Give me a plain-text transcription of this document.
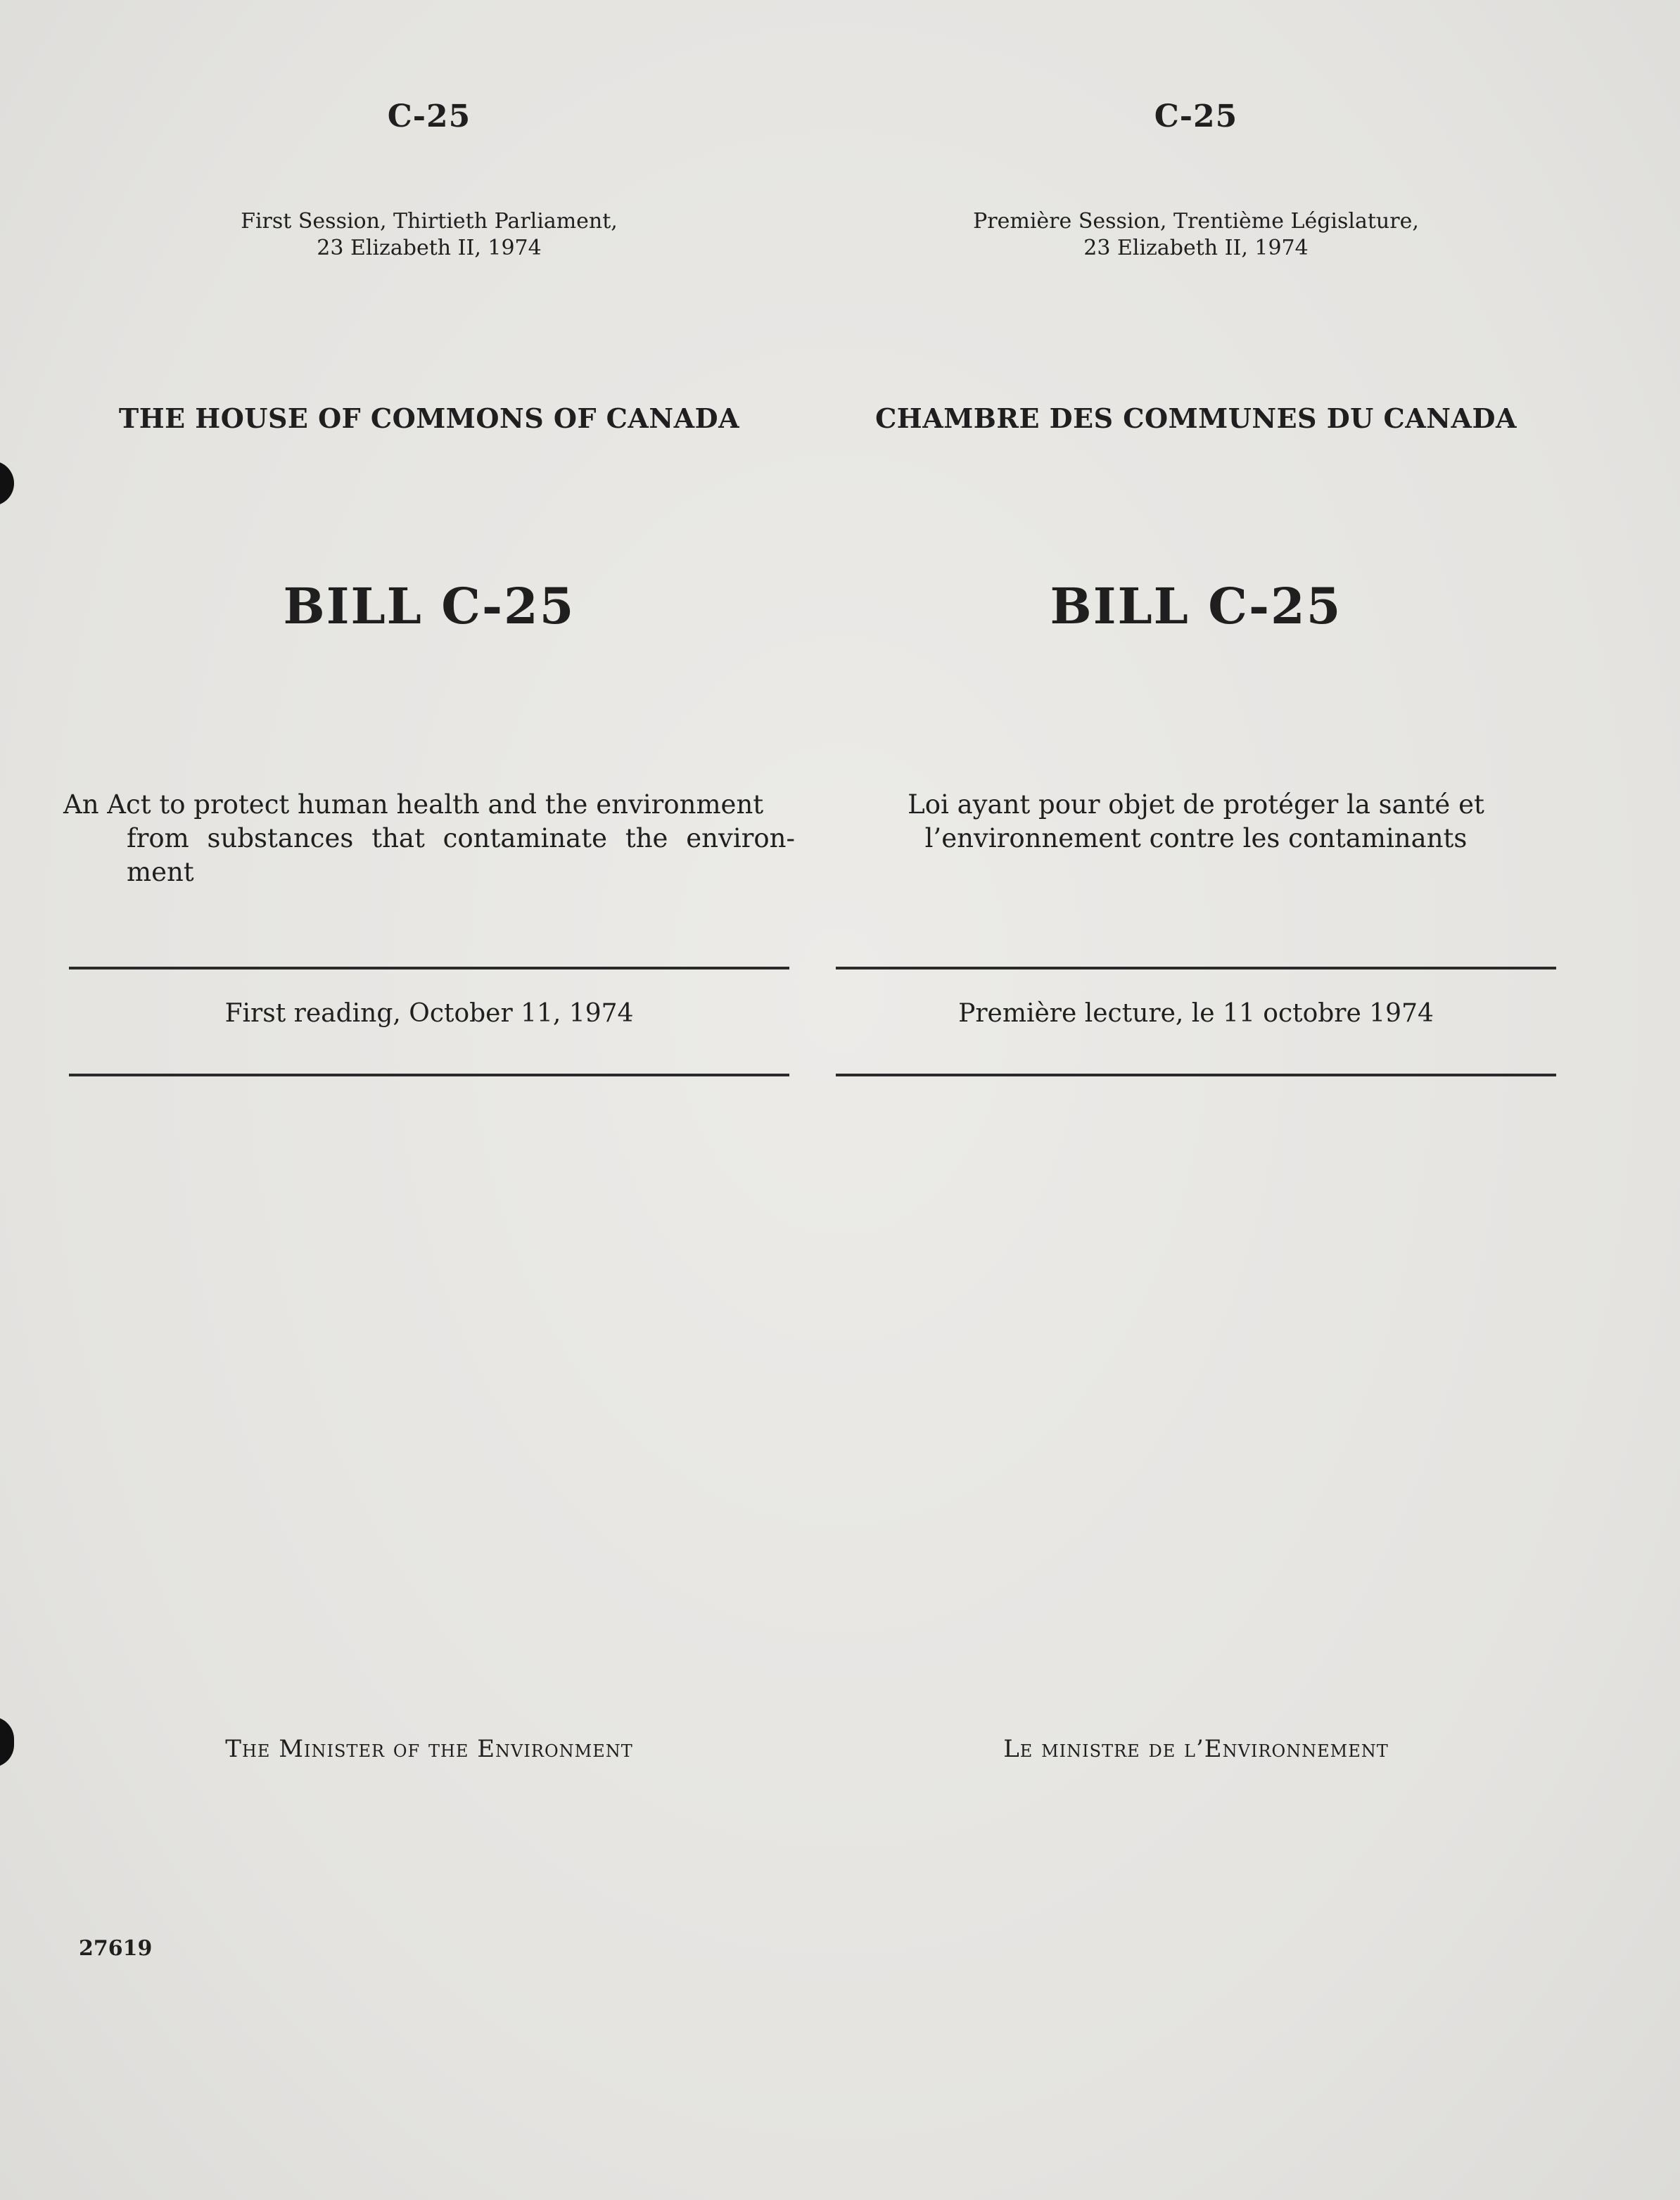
C-25
First Session, Thirtieth Parliament,
23 Elizabeth II, 1974
THE HOUSE OF COMMONS OF CANADA
BILL C-25
An Act to protect human health and the environment
from substances that contaminate the environ-ment
First reading, October 11, 1974
The Minister of the Environment
C-25
Première Session, Trentième Législature,
23 Elizabeth II, 1974
CHAMBRE DES COMMUNES DU CANADA
BILL C-25
Loi ayant pour objet de protéger la santé et
l’environnement contre les contaminants
Première lecture, le 11 octobre 1974
Le ministre de l’Environnement
27619
